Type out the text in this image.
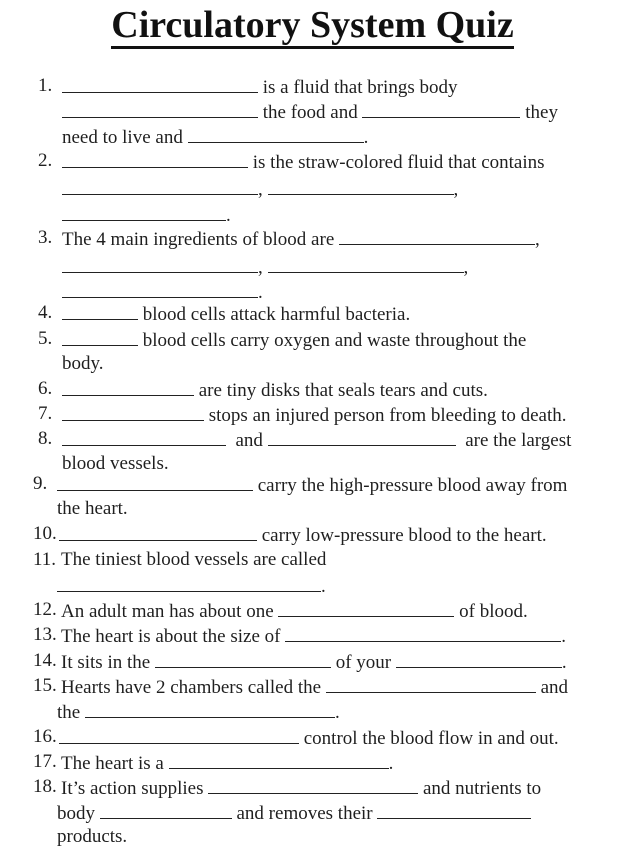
Circulatory System Quiz
1.	is a fluid that brings body
the food and	they
need to live and	.
2.	is the straw-colored fluid that contains
,	,
.
3. The 4 main ingredients of blood are	,
,	,
.
4.	blood cells attack harmful bacteria.
5.	blood cells carry oxygen and waste throughout the
body.
6.	are tiny disks that seals tears and cuts.
7.	stops an injured person from bleeding to death.
8.	and	are the largest
blood vessels.
9.	carry the high-pressure blood away from
the heart.
10.	carry low-pressure blood to the heart.
11. The tiniest blood vessels are called
.
12. An adult man has about one	of blood.
13. The heart is about the size of	.
14. It sits in the	of your	.
15. Hearts have 2 chambers called the	and
the	.
16.	control the blood flow in and out.
17. The heart is a	.
18. It’s action supplies	and nutrients to
body	and removes their
products.
